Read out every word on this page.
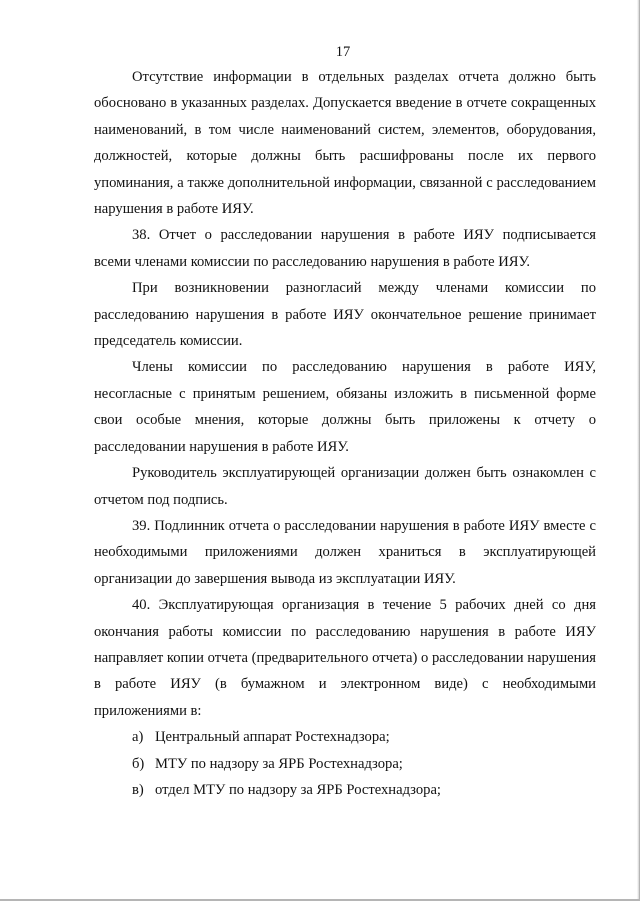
17

Отсутствие информации в отдельных разделах отчета должно быть обосновано в указанных разделах. Допускается введение в отчете сокращенных наименований, в том числе наименований систем, элементов, оборудования, должностей, которые должны быть расшифрованы после их первого упоминания, а также дополнительной информации, связанной с расследованием нарушения в работе ИЯУ.

38. Отчет о расследовании нарушения в работе ИЯУ подписывается всеми членами комиссии по расследованию нарушения в работе ИЯУ.

При возникновении разногласий между членами комиссии по расследованию нарушения в работе ИЯУ окончательное решение принимает председатель комиссии.

Члены комиссии по расследованию нарушения в работе ИЯУ, несогласные с принятым решением, обязаны изложить в письменной форме свои особые мнения, которые должны быть приложены к отчету о расследовании нарушения в работе ИЯУ.

Руководитель эксплуатирующей организации должен быть ознакомлен с отчетом под подпись.

39. Подлинник отчета о расследовании нарушения в работе ИЯУ вместе с необходимыми приложениями должен храниться в эксплуатирующей организации до завершения вывода из эксплуатации ИЯУ.

40. Эксплуатирующая организация в течение 5 рабочих дней со дня окончания работы комиссии по расследованию нарушения в работе ИЯУ направляет копии отчета (предварительного отчета) о расследовании нарушения в работе ИЯУ (в бумажном и электронном виде) с необходимыми приложениями в:

а) Центральный аппарат Ростехнадзора;

б) МТУ по надзору за ЯРБ Ростехнадзора;

в) отдел МТУ по надзору за ЯРБ Ростехнадзора;
